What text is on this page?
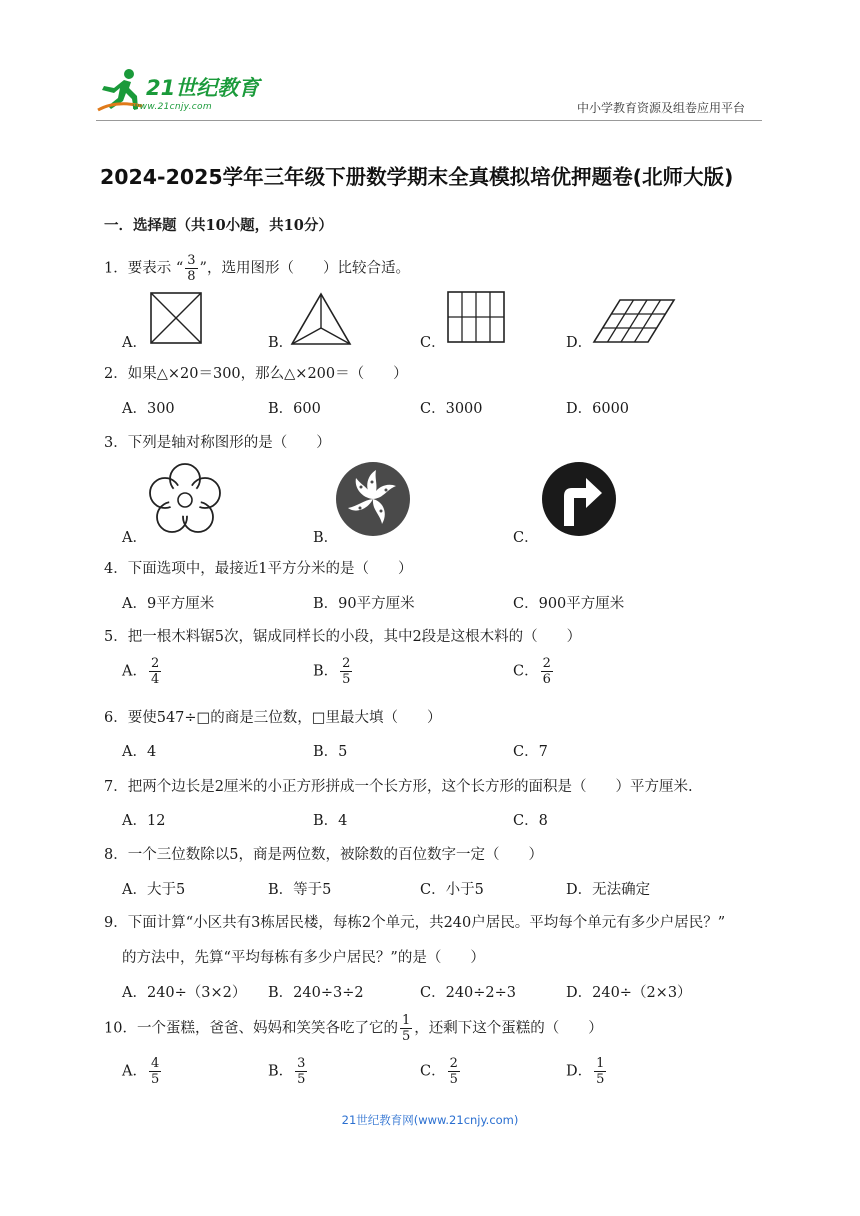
21世纪教育
www.21cnjy.com	中小学教育资源及组卷应用平台
2024-2025学年三年级下册数学期末全真模拟培优押题卷(北师大版)
一．选择题（共10小题，共10分）
1．要表示 “ $\frac{3}{8}$ ”，选用图形（　　）比较合适。
A．	B．	C．	D．
2．如果△×20＝300，那么△×200＝（　　）
A．300	B．600	C．3000	D．6000
3．下列是轴对称图形的是（　　）
A．	B．	C．
4．下面选项中，最接近1平方分米的是（　　）
A．9平方厘米	B．90平方厘米	C．900平方厘米
5．把一根木料锯5次，锯成同样长的小段，其中2段是这根木料的（　　）
A． $\frac{2}{4}$	B． $\frac{2}{5}$	C． $\frac{2}{6}$
6．要使547÷□的商是三位数，□里最大填（　　）
A．4	B．5	C．7
7．把两个边长是2厘米的小正方形拼成一个长方形，这个长方形的面积是（　　）平方厘米.
A．12	B．4	C．8
8．一个三位数除以5，商是两位数，被除数的百位数字一定（　　）
A．大于5	B．等于5	C．小于5	D．无法确定
9．下面计算“小区共有3栋居民楼，每栋2个单元，共240户居民。平均每个单元有多少户居民？”
的方法中，先算“平均每栋有多少户居民？”的是（　　）
A．240÷（3×2） B．240÷3÷2	C．240÷2÷3	D．240÷（2×3）
10．一个蛋糕，爸爸、妈妈和笑笑各吃了它的 $\frac{1}{5}$ ，还剩下这个蛋糕的（　　）
A． $\frac{4}{5}$	B． $\frac{3}{5}$	C． $\frac{2}{5}$	D． $\frac{1}{5}$
21世纪教育网(www.21cnjy.com)
